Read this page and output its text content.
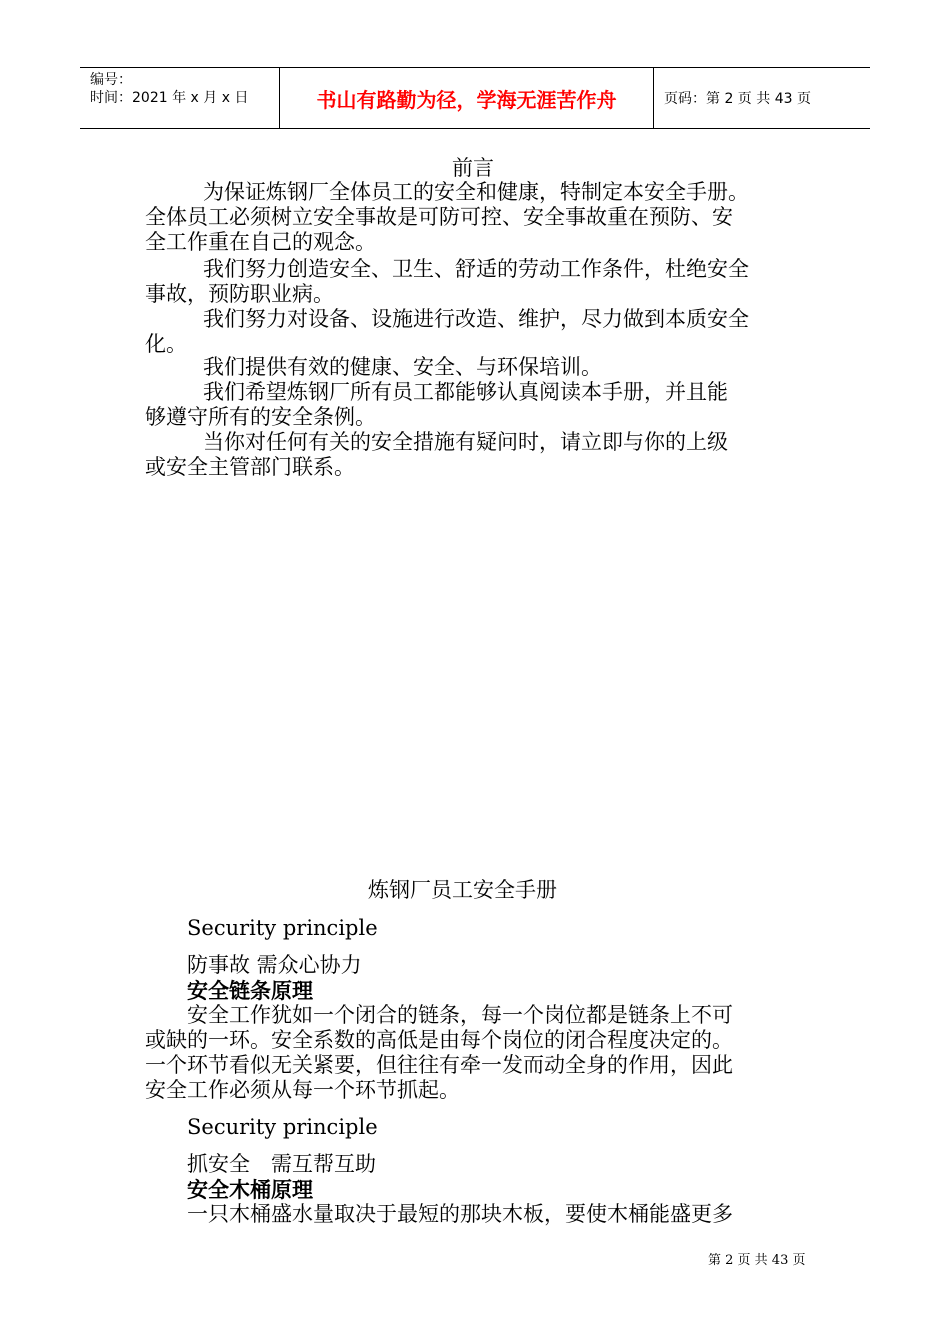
编号：
时间：2021 年 x 月 x 日	书山有路勤为径，学海无涯苦作舟	页码：第 2 页 共 43 页
前言
为保证炼钢厂全体员工的安全和健康，特制定本安全手册。
全体员工必须树立安全事故是可防可控、安全事故重在预防、安
全工作重在自己的观念。
我们努力创造安全、卫生、舒适的劳动工作条件，杜绝安全
事故，预防职业病。
我们努力对设备、设施进行改造、维护，尽力做到本质安全
化。
我们提供有效的健康、安全、与环保培训。
我们希望炼钢厂所有员工都能够认真阅读本手册，并且能
够遵守所有的安全条例。
当你对任何有关的安全措施有疑问时，请立即与你的上级
或安全主管部门联系。
炼钢厂员工安全手册
Security principle
防事故 需众心协力
安全链条原理
安全工作犹如一个闭合的链条，每一个岗位都是链条上不可
或缺的一环。安全系数的高低是由每个岗位的闭合程度决定的。
一个环节看似无关紧要，但往往有牵一发而动全身的作用，因此
安全工作必须从每一个环节抓起。
Security principle
抓安全　需互帮互助
安全木桶原理
一只木桶盛水量取决于最短的那块木板，要使木桶能盛更多
第 2 页 共 43 页
